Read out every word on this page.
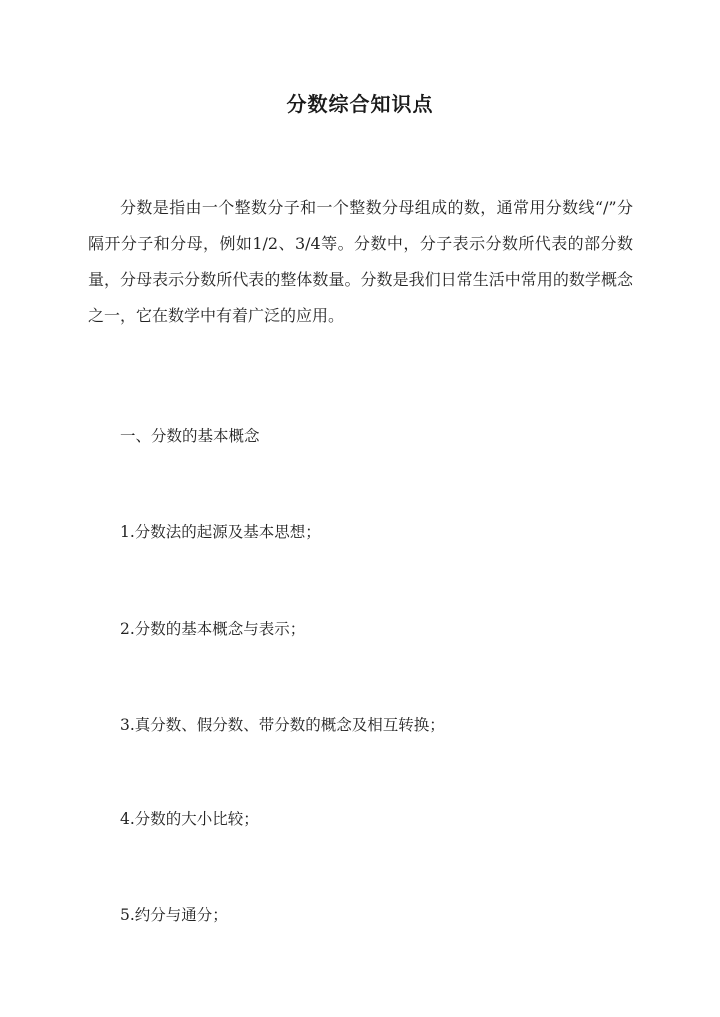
分数综合知识点

分数是指由一个整数分子和一个整数分母组成的数，通常用分数线“/”分隔开分子和分母，例如1/2、3/4等。分数中，分子表示分数所代表的部分数量，分母表示分数所代表的整体数量。分数是我们日常生活中常用的数学概念之一，它在数学中有着广泛的应用。

一、分数的基本概念

1.分数法的起源及基本思想；

2.分数的基本概念与表示；

3.真分数、假分数、带分数的概念及相互转换；

4.分数的大小比较；

5.约分与通分；
